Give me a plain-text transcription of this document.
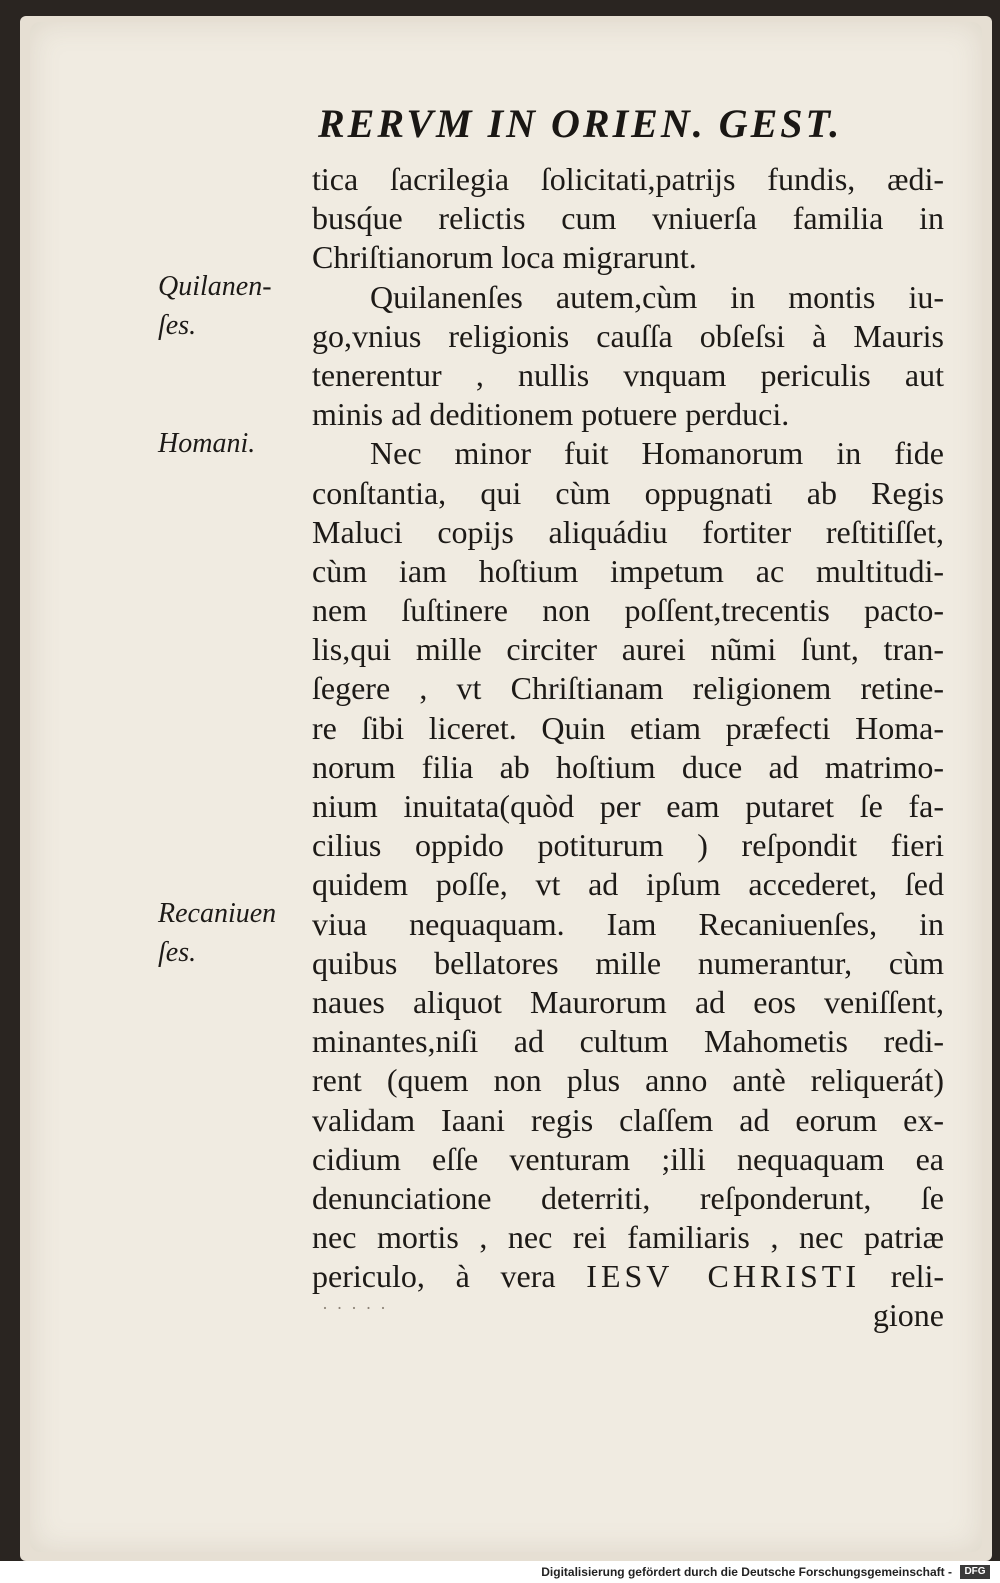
RERVM IN ORIEN. GEST.
Quilanen-
ſes.
Homani.
Recaniuen
ſes.
tica ſacrilegia ſolicitati,patrijs fundis, ædi-
busq́ue relictis cum vniuerſa familia in
Chriſtianorum loca migrarunt.
Quilanenſes autem,cùm in montis iu-
go,vnius religionis cauſſa obſeſsi à Mauris
tenerentur , nullis vnquam periculis aut
minis ad deditionem potuere perduci.
Nec minor fuit Homanorum in fide
conſtantia, qui cùm oppugnati ab Regis
Maluci copijs aliquádiu fortiter reſtitiſſet,
cùm iam hoſtium impetum ac multitudi-
nem ſuſtinere non poſſent,trecentis pacto-
lis,qui mille circiter aurei nũmi ſunt, tran-
ſegere , vt Chriſtianam religionem retine-
re ſibi liceret. Quin etiam præfecti Homa-
norum filia ab hoſtium duce ad matrimo-
nium inuitata(quòd per eam putaret ſe fa-
cilius oppido potiturum ) reſpondit fieri
quidem poſſe, vt ad ipſum accederet, ſed
viua nequaquam. Iam Recaniuenſes, in
quibus bellatores mille numerantur, cùm
naues aliquot Maurorum ad eos veniſſent,
minantes,niſi ad cultum Mahometis redi-
rent (quem non plus anno antè reliquerát)
validam Iaani regis claſſem ad eorum ex-
cidium eſſe venturam ;illi nequaquam ea
denunciatione deterriti, reſponderunt, ſe
nec mortis , nec rei familiaris , nec patriæ
periculo, à vera IESV CHRISTI reli-
gione
· · · · ·
Digitalisierung gefördert durch die Deutsche Forschungsgemeinschaft -	DFG
